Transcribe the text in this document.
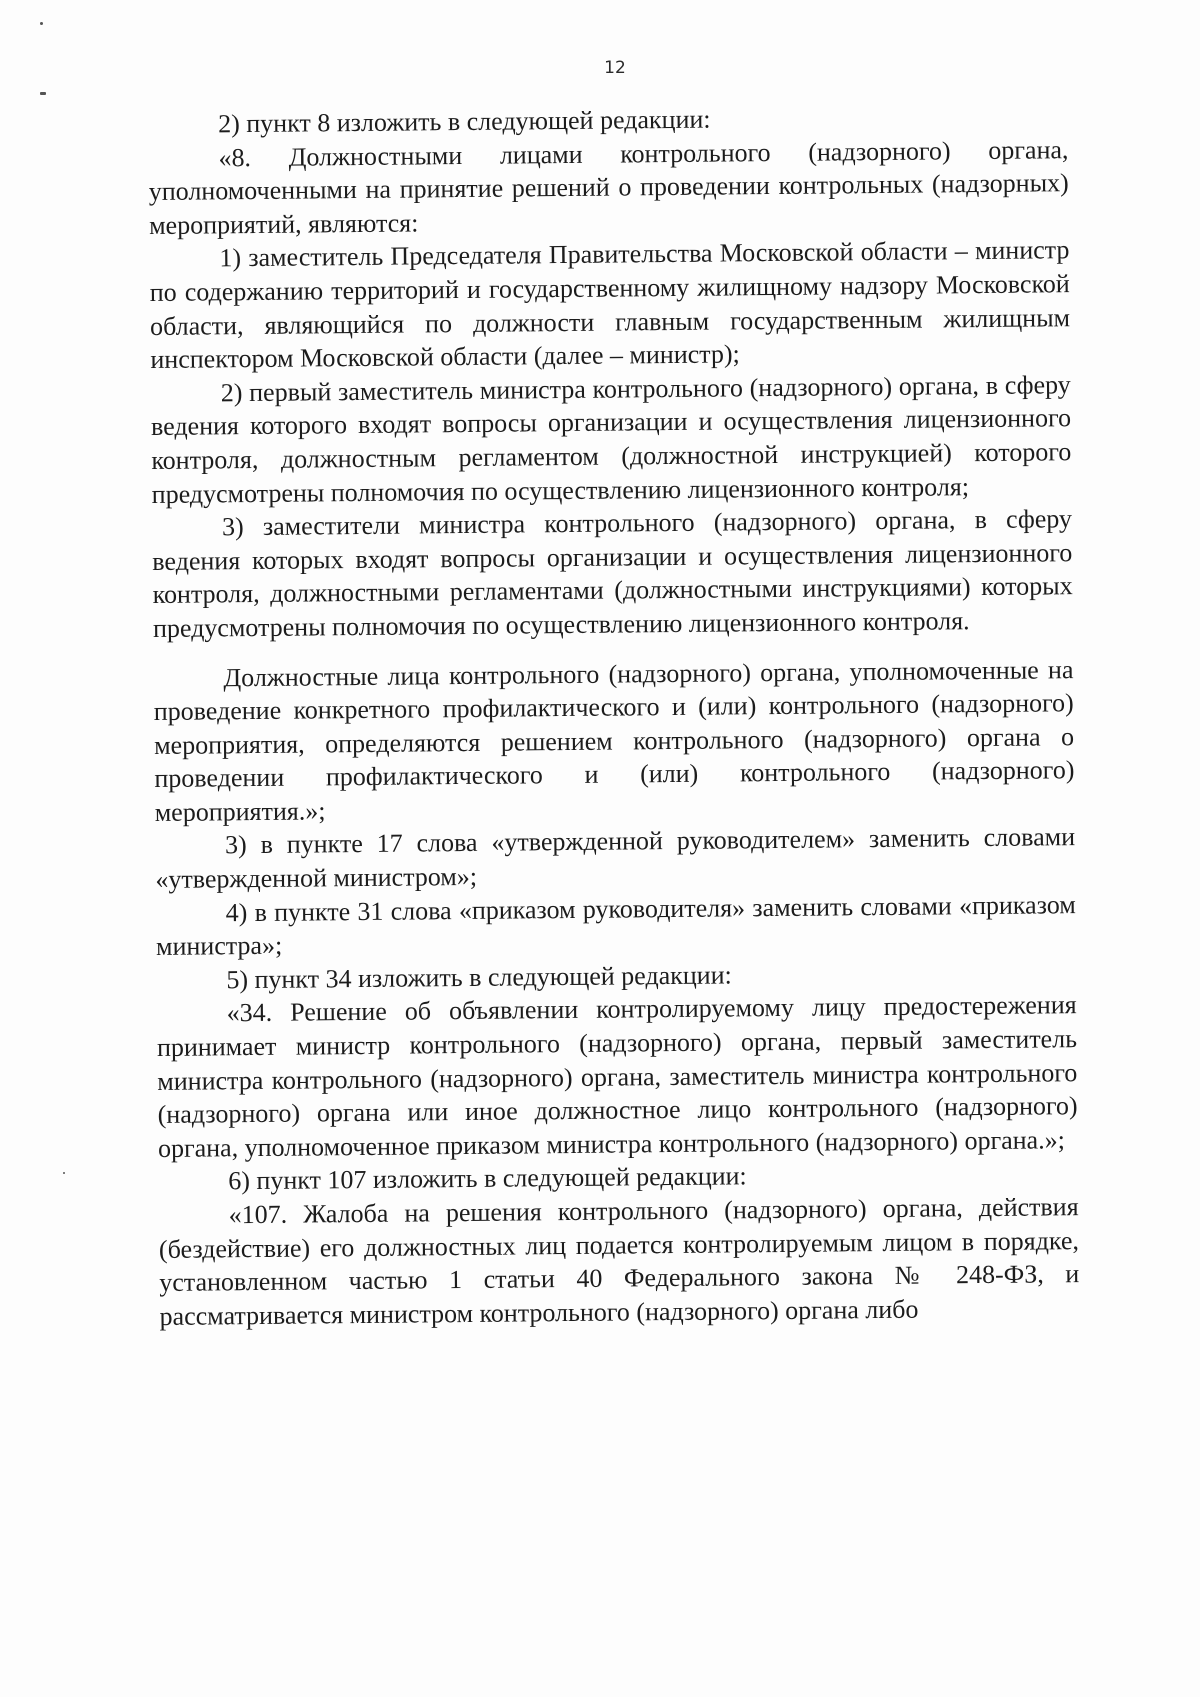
12

2) пункт 8 изложить в следующей редакции:

«8. Должностными лицами контрольного (надзорного) органа, уполномоченными на принятие решений о проведении контрольных (надзорных) мероприятий, являются:

1) заместитель Председателя Правительства Московской области – министр по содержанию территорий и государственному жилищному надзору Московской области, являющийся по должности главным государственным жилищным инспектором Московской области (далее – министр);

2) первый заместитель министра контрольного (надзорного) органа, в сферу ведения которого входят вопросы организации и осуществления лицензионного контроля, должностным регламентом (должностной инструкцией) которого предусмотрены полномочия по осуществлению лицензионного контроля;

3) заместители министра контрольного (надзорного) органа, в сферу ведения которых входят вопросы организации и осуществления лицензионного контроля, должностными регламентами (должностными инструкциями) которых предусмотрены полномочия по осуществлению лицензионного контроля.

Должностные лица контрольного (надзорного) органа, уполномоченные на проведение конкретного профилактического и (или) контрольного (надзорного) мероприятия, определяются решением контрольного (надзорного) органа о проведении профилактического и (или) контрольного (надзорного) мероприятия.»;

3) в пункте 17 слова «утвержденной руководителем» заменить словами «утвержденной министром»;

4) в пункте 31 слова «приказом руководителя» заменить словами «приказом министра»;

5) пункт 34 изложить в следующей редакции:

«34. Решение об объявлении контролируемому лицу предостережения принимает министр контрольного (надзорного) органа, первый заместитель министра контрольного (надзорного) органа, заместитель министра контрольного (надзорного) органа или иное должностное лицо контрольного (надзорного) органа, уполномоченное приказом министра контрольного (надзорного) органа.»;

6) пункт 107 изложить в следующей редакции:

«107. Жалоба на решения контрольного (надзорного) органа, действия (бездействие) его должностных лиц подается контролируемым лицом в порядке, установленном частью 1 статьи 40 Федерального закона № 248-ФЗ, и рассматривается министром контрольного (надзорного) органа либо
